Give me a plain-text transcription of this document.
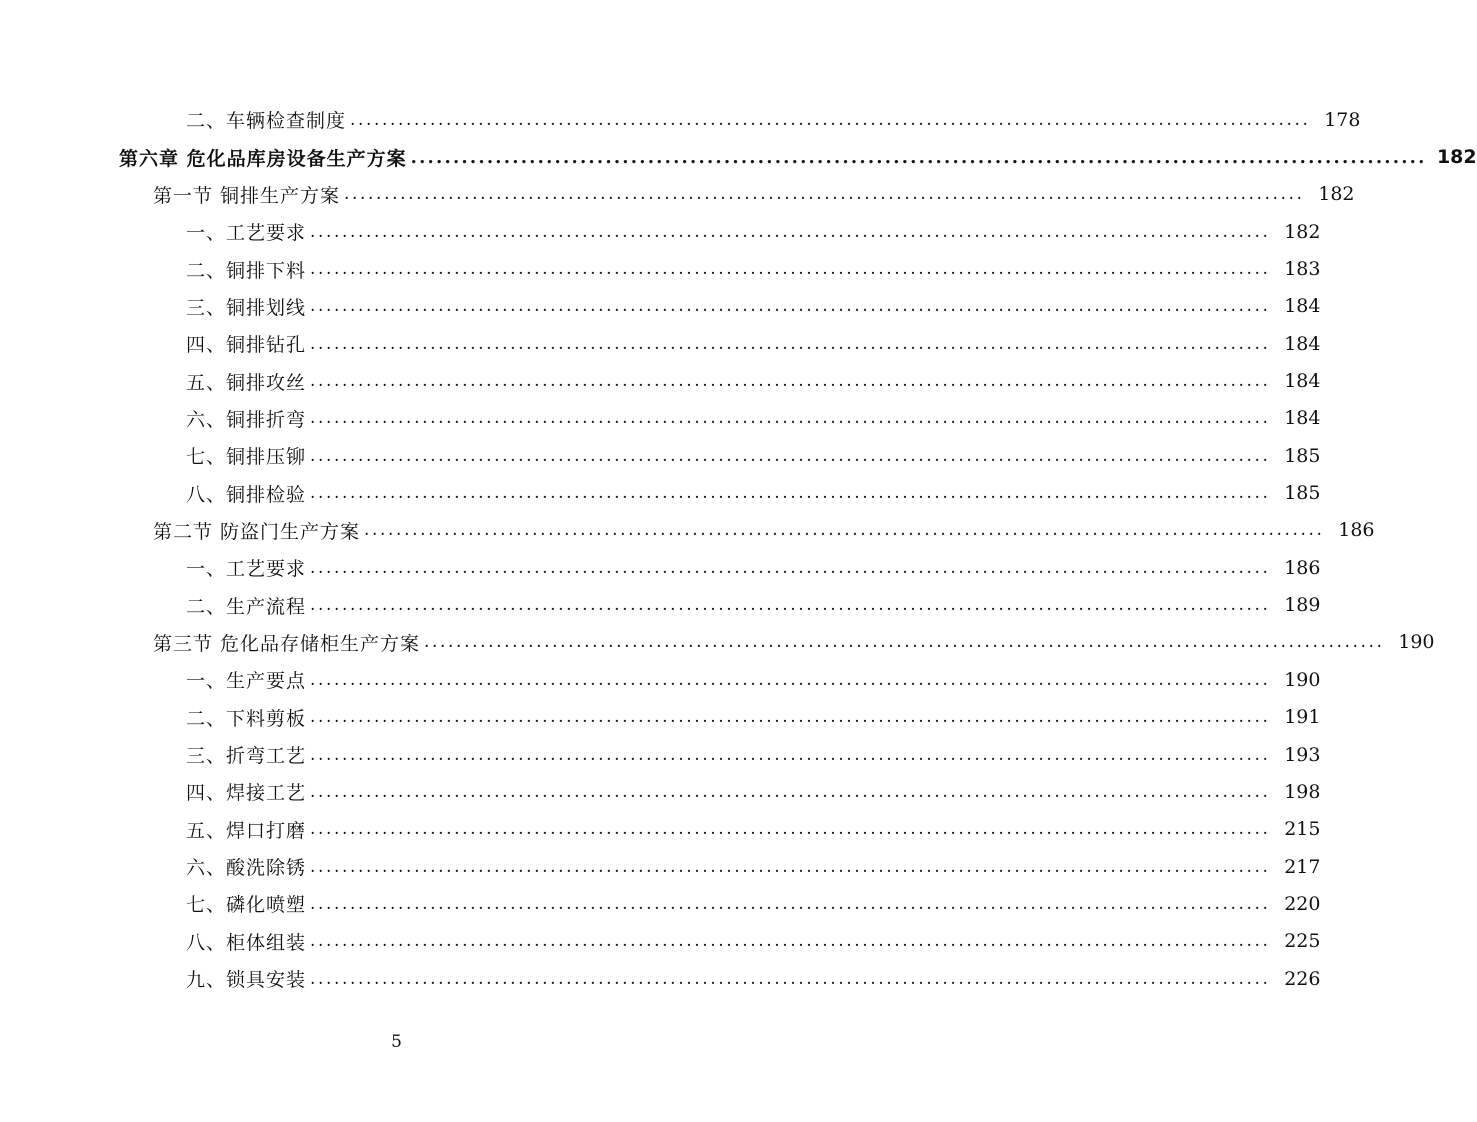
二、车辆检查制度 ........................................................................................................................ 178
第六章 危化品库房设备生产方案 ........................................................................................................................ 182
第一节 铜排生产方案 ........................................................................................................................ 182
一、工艺要求 ........................................................................................................................ 182
二、铜排下料 ........................................................................................................................ 183
三、铜排划线 ........................................................................................................................ 184
四、铜排钻孔 ........................................................................................................................ 184
五、铜排攻丝 ........................................................................................................................ 184
六、铜排折弯 ........................................................................................................................ 184
七、铜排压铆 ........................................................................................................................ 185
八、铜排检验 ........................................................................................................................ 185
第二节 防盗门生产方案 ........................................................................................................................ 186
一、工艺要求 ........................................................................................................................ 186
二、生产流程 ........................................................................................................................ 189
第三节 危化品存储柜生产方案 ........................................................................................................................ 190
一、生产要点 ........................................................................................................................ 190
二、下料剪板 ........................................................................................................................ 191
三、折弯工艺 ........................................................................................................................ 193
四、焊接工艺 ........................................................................................................................ 198
五、焊口打磨 ........................................................................................................................ 215
六、酸洗除锈 ........................................................................................................................ 217
七、磷化喷塑 ........................................................................................................................ 220
八、柜体组装 ........................................................................................................................ 225
九、锁具安装 ........................................................................................................................ 226
5
